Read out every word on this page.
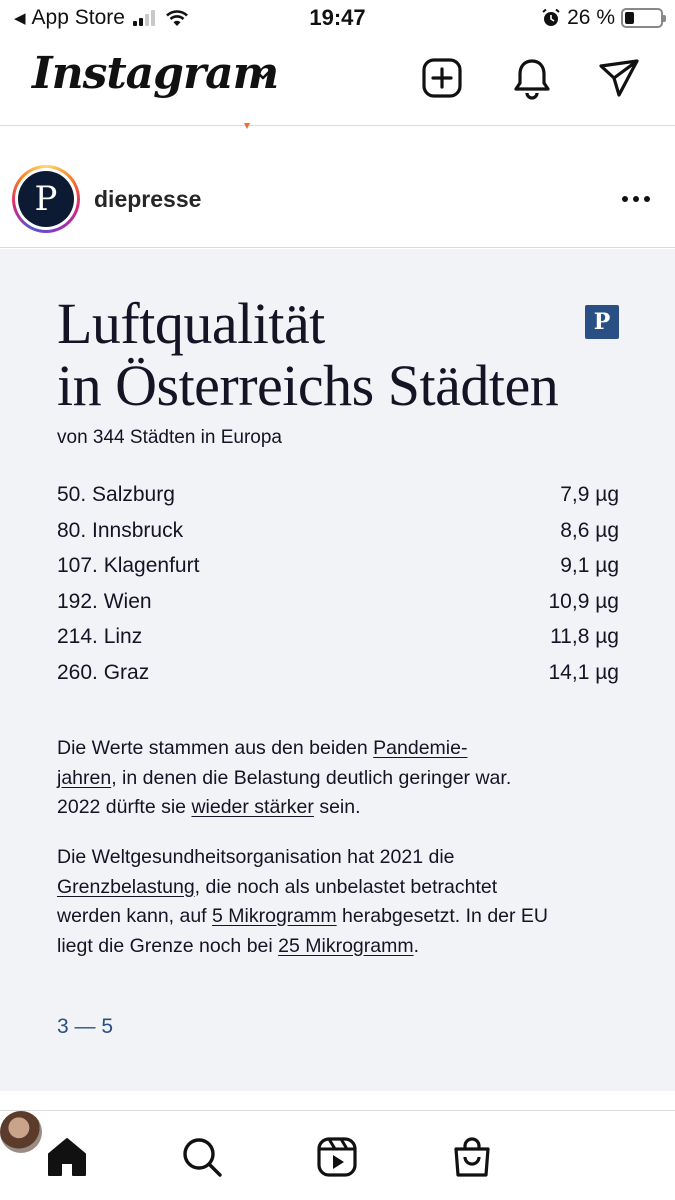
◀ App Store	19:47	26 %
Instagram
P	diepresse
Luftqualität
in Österreichs Städten
P
von 344 Städten in Europa
50. Salzburg	7,9 µg
80. Innsbruck	8,6 µg
107. Klagenfurt	9,1 µg
192. Wien	10,9 µg
214. Linz	11,8 µg
260. Graz	14,1 µg
Die Werte stammen aus den beiden Pandemie-
jahren, in denen die Belastung deutlich geringer war. 2022 dürfte sie wieder stärker sein.
Die Weltgesundheitsorganisation hat 2021 die Grenzbelastung, die noch als unbelastet betrachtet werden kann, auf 5 Mikrogramm herabgesetzt. In der EU liegt die Grenze noch bei 25 Mikrogramm.
3 — 5
